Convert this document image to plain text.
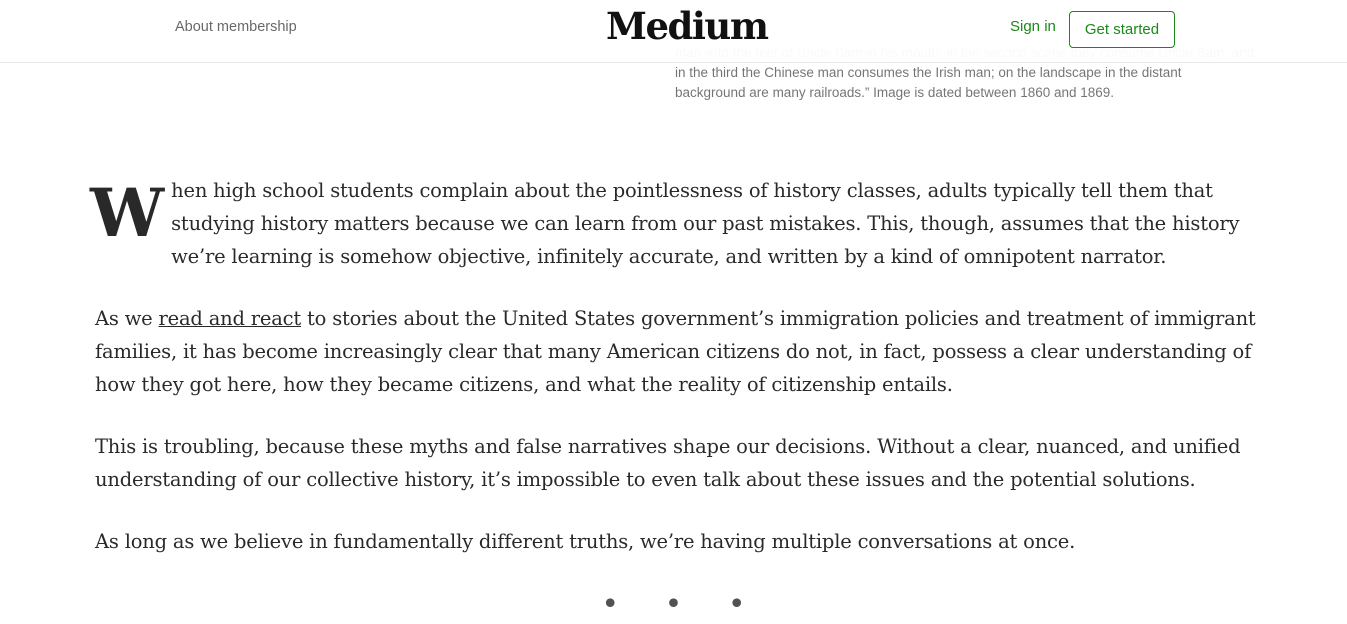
in the third the Chinese man consumes the Irish man; on the landscape in the distant

background are many railroads.” Image is dated between 1860 and 1869.

About membership	Medium	Sign in	Get started

W hen high school students complain about the pointlessness of history classes, adults typically tell them that studying history matters because we can learn from our past mistakes. This, though, assumes that the history we’re learning is somehow objective, infinitely accurate, and written by a kind of omnipotent narrator.

As we read and react to stories about the United States government’s immigration policies and treatment of immigrant families, it has become increasingly clear that many American citizens do not, in fact, possess a clear understanding of how they got here, how they became citizens, and what the reality of citizenship entails.

This is troubling, because these myths and false narratives shape our decisions. Without a clear, nuanced, and unified understanding of our collective history, it’s impossible to even talk about these issues and the potential solutions.

As long as we believe in fundamentally different truths, we’re having multiple conversations at once.

• • •
